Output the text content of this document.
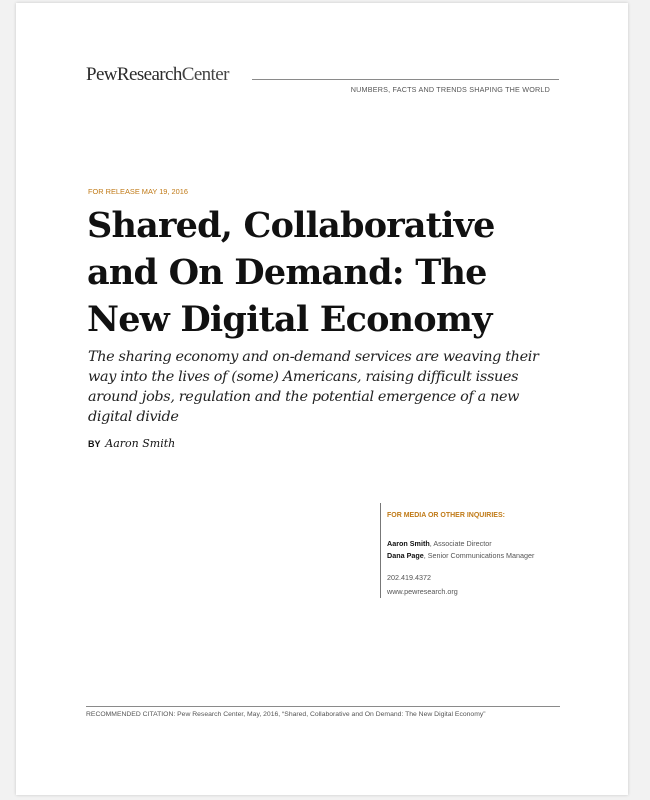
PewResearchCenter
NUMBERS, FACTS AND TRENDS SHAPING THE WORLD
FOR RELEASE MAY 19, 2016
Shared, Collaborative and On Demand: The New Digital Economy

The sharing economy and on-demand services are weaving their way into the lives of (some) Americans, raising difficult issues around jobs, regulation and the potential emergence of a new digital divide

BY Aaron Smith
FOR MEDIA OR OTHER INQUIRIES:
Aaron Smith, Associate Director
Dana Page, Senior Communications Manager
202.419.4372
www.pewresearch.org
RECOMMENDED CITATION: Pew Research Center, May, 2016, “Shared, Collaborative and On Demand: The New Digital Economy”
